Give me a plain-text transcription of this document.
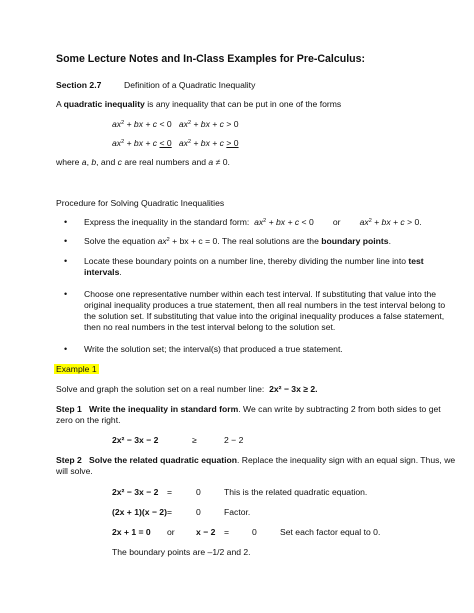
Some Lecture Notes and In-Class Examples for Pre-Calculus:
Section 2.7	Definition of a Quadratic Inequality
A quadratic inequality is any inequality that can be put in one of the forms
$ax^2$ + bx + c < 0 $ax^2$ + bx + c > 0
$ax^2$ + bx + c < 0 $ax^2$ + bx + c > 0
where a, b, and c are real numbers and a ≠ 0.
Procedure for Solving Quadratic Inequalities
• Express the inequality in the standard form: $ax^2$ + bx + c < 0        or $ax^2$ + bx + c > 0.
• Solve the equation $ax^2$ + bx + c = 0. The real solutions are the boundary points.
• Locate these boundary points on a number line, thereby dividing the number line into test
intervals.
• Choose one representative number within each test interval. If substituting that value into the
original inequality produces a true statement, then all real numbers in the test interval belong to
the solution set. If substituting that value into the original inequality produces a false statement,
then no real numbers in the test interval belong to the solution set.
• Write the solution set; the interval(s) that produced a true statement.
Example 1
Solve and graph the solution set on a real number line: 2x² − 3x ≥ 2.
Step 1 Write the inequality in standard form. We can write by subtracting 2 from both sides to get
zero on the right.
2x² − 3x − 2	≥	2 − 2
Step 2 Solve the related quadratic equation. Replace the inequality sign with an equal sign. Thus, we
will solve.
2x² − 3x − 2 =	0	This is the related quadratic equation.
(2x + 1)(x − 2) =	0	Factor.
2x + 1 = 0 or x − 2 =	0	Set each factor equal to 0.
The boundary points are –1/2 and 2.
